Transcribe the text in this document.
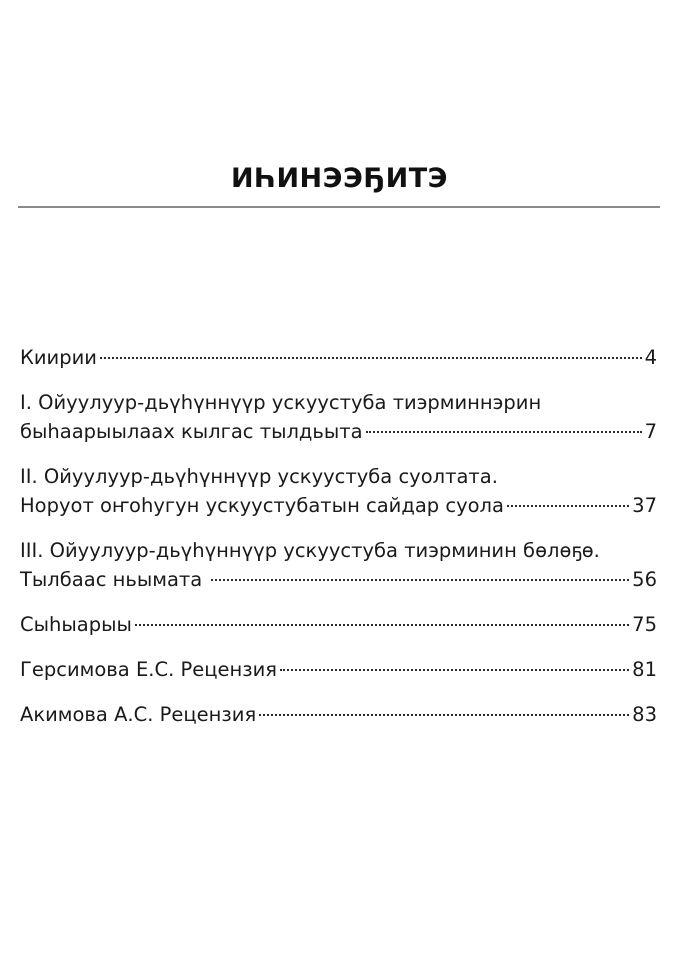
ИҺИНЭЭҔИТЭ
Киирии	4
I. Ойуулуур-дьүһүннүүр ускуустуба тиэрминнэрин
быһаарыылаах кылгас тылдьыта	7
II. Ойуулуур-дьүһүннүүр ускуустуба суолтата.
Норуот оҥоһугун ускуустубатын сайдар суола	37
III. Ойуулуур-дьүһүннүүр ускуустуба тиэрминин бөлөҕө.
Тылбаас ньымата	56
Сыһыарыы	75
Герсимова Е.С. Рецензия	81
Акимова А.С. Рецензия	83
